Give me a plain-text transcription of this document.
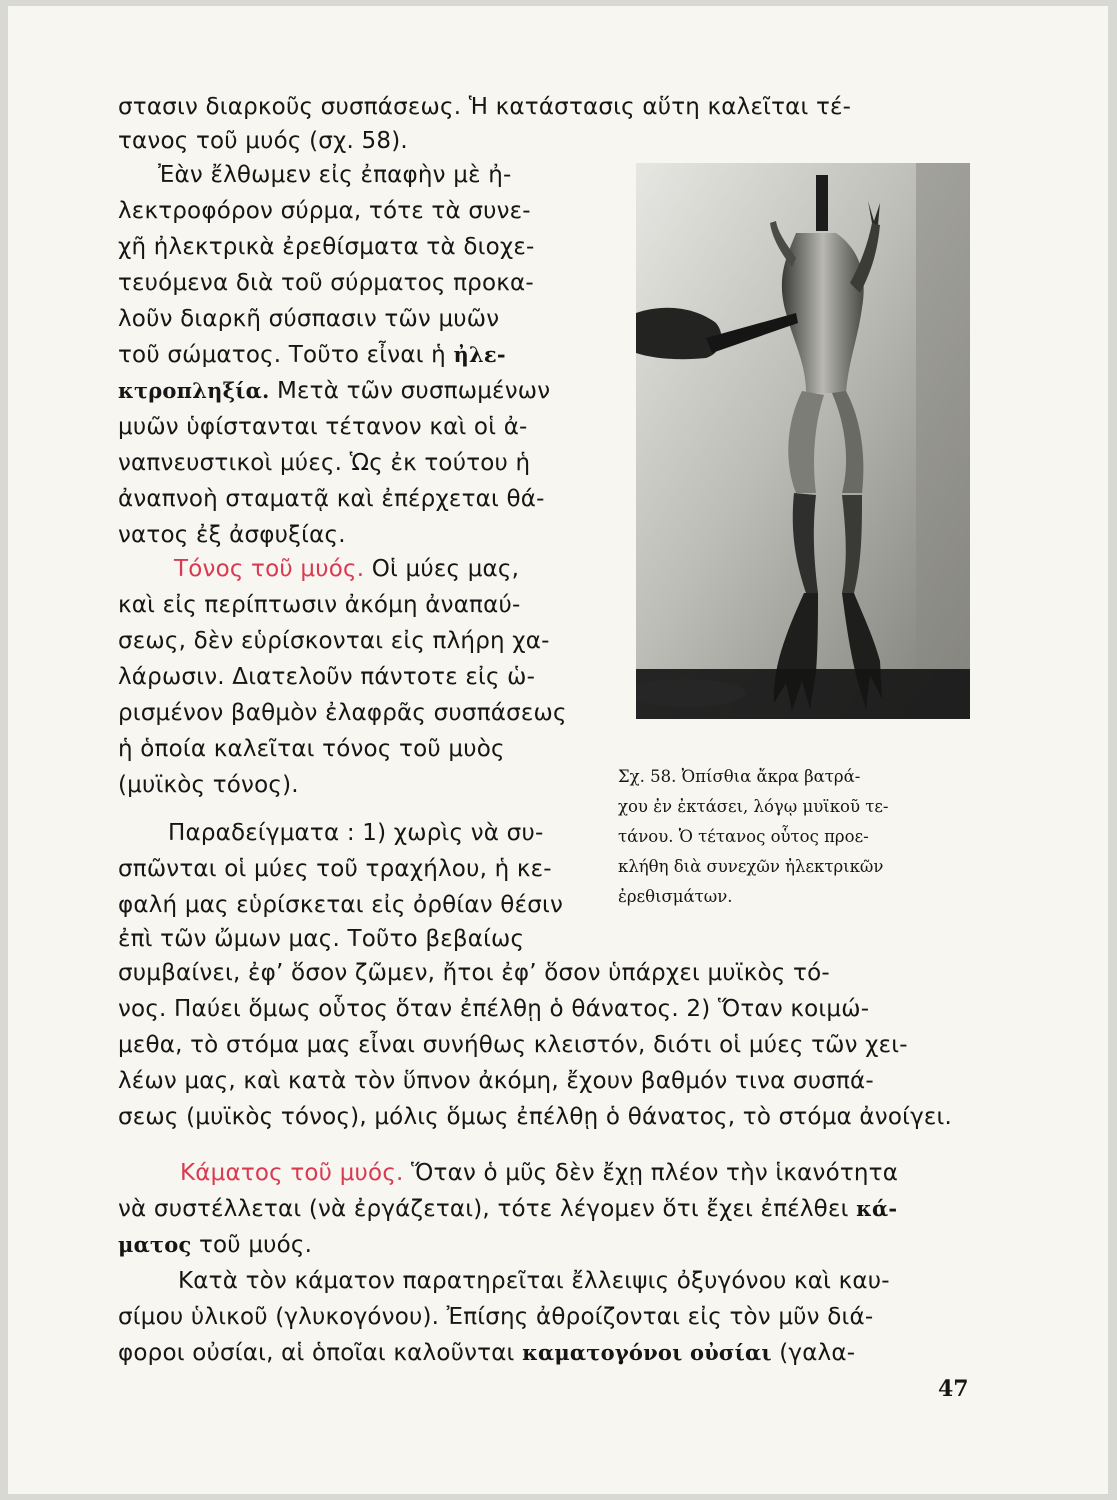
στασιν διαρκοῦς συσπάσεως. Ἡ κατάστασις αὕτη καλεῖται τέ-
τανος τοῦ μυός (σχ. 58).
Ἐὰν ἔλθωμεν εἰς ἐπαφὴν μὲ ἠ-
λεκτροφόρον σύρμα, τότε τὰ συνε-
χῆ ἠλεκτρικὰ ἐρεθίσματα τὰ διοχε-
τευόμενα διὰ τοῦ σύρματος προκα-
λοῦν διαρκῆ σύσπασιν τῶν μυῶν
τοῦ σώματος. Τοῦτο εἶναι ἡ ἠλε-
κτροπληξία. Μετὰ τῶν συσπωμένων
μυῶν ὑφίστανται τέτανον καὶ οἱ ἀ-
ναπνευστικοὶ μύες. Ὡς ἐκ τούτου ἡ
ἀναπνοὴ σταματᾷ καὶ ἐπέρχεται θά-
νατος ἐξ ἀσφυξίας.
Τόνος τοῦ μυός. Οἱ μύες μας,
καὶ εἰς περίπτωσιν ἀκόμη ἀναπαύ-
σεως, δὲν εὑρίσκονται εἰς πλήρη χα-
λάρωσιν. Διατελοῦν πάντοτε εἰς ὡ-
ρισμένον βαθμὸν ἐλαφρᾶς συσπάσεως
ἡ ὁποία καλεῖται τόνος τοῦ μυὸς
(μυϊκὸς τόνος).
Παραδείγματα : 1) χωρὶς νὰ συ-
σπῶνται οἱ μύες τοῦ τραχήλου, ἡ κε-
φαλή μας εὑρίσκεται εἰς ὀρθίαν θέσιν
ἐπὶ τῶν ὤμων μας. Τοῦτο βεβαίως
συμβαίνει, ἐφ’ ὅσον ζῶμεν, ἤτοι ἐφ’ ὅσον ὑπάρχει μυϊκὸς τό-
νος. Παύει ὅμως οὗτος ὅταν ἐπέλθῃ ὁ θάνατος. 2) Ὅταν κοιμώ-
μεθα, τὸ στόμα μας εἶναι συνήθως κλειστόν, διότι οἱ μύες τῶν χει-
λέων μας, καὶ κατὰ τὸν ὕπνον ἀκόμη, ἔχουν βαθμόν τινα συσπά-
σεως (μυϊκὸς τόνος), μόλις ὅμως ἐπέλθῃ ὁ θάνατος, τὸ στόμα ἀνοίγει.
Κάματος τοῦ μυός. Ὅταν ὁ μῦς δὲν ἔχῃ πλέον τὴν ἱκανότητα
νὰ συστέλλεται (νὰ ἐργάζεται), τότε λέγομεν ὅτι ἔχει ἐπέλθει κά-
ματος τοῦ μυός.
Κατὰ τὸν κάματον παρατηρεῖται ἔλλειψις ὀξυγόνου καὶ καυ-
σίμου ὑλικοῦ (γλυκογόνου). Ἐπίσης ἀθροίζονται εἰς τὸν μῦν διά-
φοροι οὐσίαι, αἱ ὁποῖαι καλοῦνται καματογόνοι οὐσίαι (γαλα-
Σχ. 58. Ὀπίσθια ἄκρα βατρά-
χου ἐν ἐκτάσει, λόγῳ μυϊκοῦ τε-
τάνου. Ὁ τέτανος οὗτος προε-
κλήθη διὰ συνεχῶν ἠλεκτρικῶν
ἐρεθισμάτων.
47
